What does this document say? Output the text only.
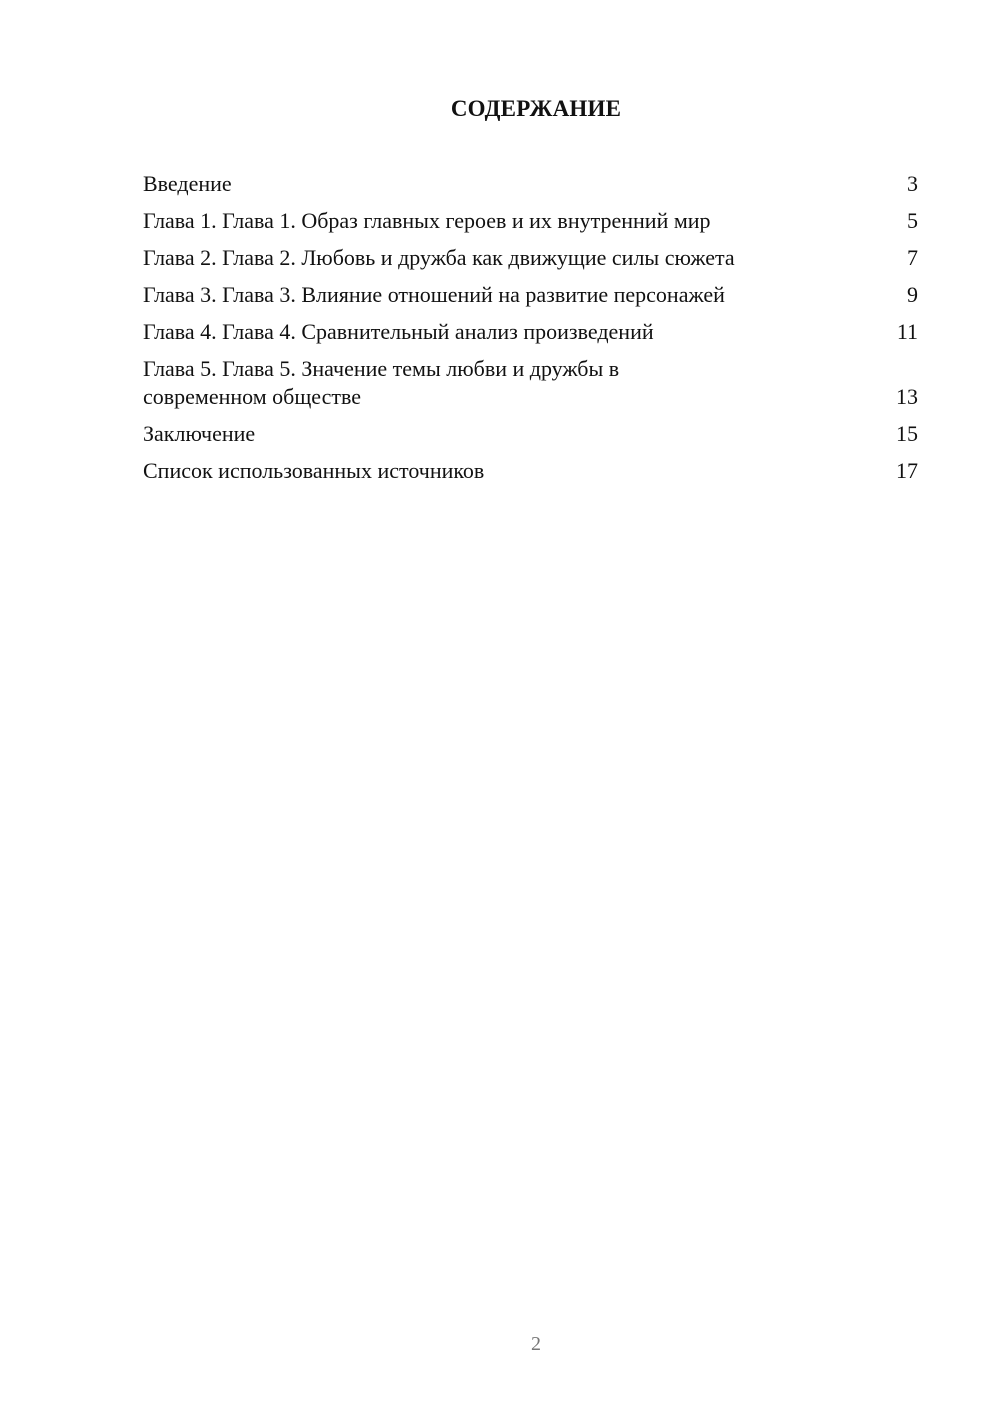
СОДЕРЖАНИЕ
Введение	3
Глава 1. Глава 1. Образ главных героев и их внутренний мир	5
Глава 2. Глава 2. Любовь и дружба как движущие силы сюжета	7
Глава 3. Глава 3. Влияние отношений на развитие персонажей	9
Глава 4. Глава 4. Сравнительный анализ произведений	11
Глава 5. Глава 5. Значение темы любви и дружбы в современном обществе	13
Заключение	15
Список использованных источников	17
2
